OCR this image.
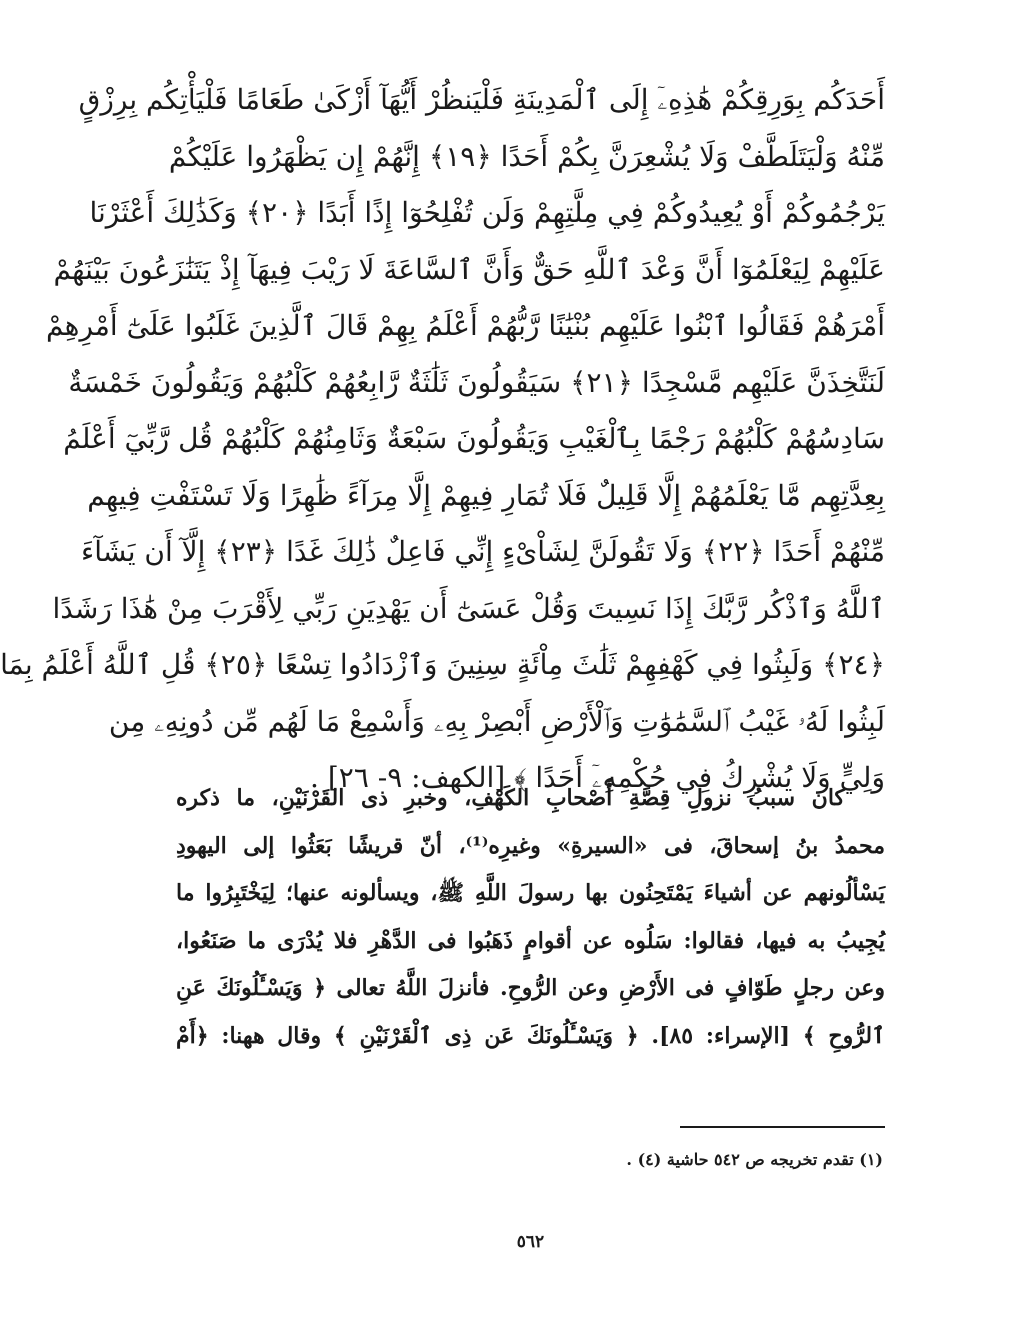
أَحَدَكُم بِوَرِقِكُمْ هَٰذِهِۦٓ إِلَى ٱلْمَدِينَةِ فَلْيَنظُرْ أَيُّهَآ أَزْكَىٰ طَعَامًا فَلْيَأْتِكُم بِرِزْقٍ
مِّنْهُ وَلْيَتَلَطَّفْ وَلَا يُشْعِرَنَّ بِكُمْ أَحَدًا ﴿١٩﴾ إِنَّهُمْ إِن يَظْهَرُوا عَلَيْكُمْ
يَرْجُمُوكُمْ أَوْ يُعِيدُوكُمْ فِي مِلَّتِهِمْ وَلَن تُفْلِحُوٓا إِذًا أَبَدًا ﴿٢٠﴾ وَكَذَٰلِكَ أَعْثَرْنَا
عَلَيْهِمْ لِيَعْلَمُوٓا أَنَّ وَعْدَ ٱللَّهِ حَقٌّ وَأَنَّ ٱلسَّاعَةَ لَا رَيْبَ فِيهَآ إِذْ يَتَنَٰزَعُونَ بَيْنَهُمْ
أَمْرَهُمْ فَقَالُوا ٱبْنُوا عَلَيْهِم بُنْيَٰنًا رَّبُّهُمْ أَعْلَمُ بِهِمْ قَالَ ٱلَّذِينَ غَلَبُوا عَلَىٰٓ أَمْرِهِمْ
لَنَتَّخِذَنَّ عَلَيْهِم مَّسْجِدًا ﴿٢١﴾ سَيَقُولُونَ ثَلَٰثَةٌ رَّابِعُهُمْ كَلْبُهُمْ وَيَقُولُونَ خَمْسَةٌ
سَادِسُهُمْ كَلْبُهُمْ رَجْمًا بِٱلْغَيْبِ وَيَقُولُونَ سَبْعَةٌ وَثَامِنُهُمْ كَلْبُهُمْ قُل رَّبِّيٓ أَعْلَمُ
بِعِدَّتِهِم مَّا يَعْلَمُهُمْ إِلَّا قَلِيلٌ فَلَا تُمَارِ فِيهِمْ إِلَّا مِرَآءً ظَٰهِرًا وَلَا تَسْتَفْتِ فِيهِم
مِّنْهُمْ أَحَدًا ﴿٢٢﴾ وَلَا تَقُولَنَّ لِشَاْىْءٍ إِنِّي فَاعِلٌ ذَٰلِكَ غَدًا ﴿٢٣﴾ إِلَّآ أَن يَشَآءَ
ٱللَّهُ وَٱذْكُر رَّبَّكَ إِذَا نَسِيتَ وَقُلْ عَسَىٰٓ أَن يَهْدِيَنِ رَبِّي لِأَقْرَبَ مِنْ هَٰذَا رَشَدًا
﴿٢٤﴾ وَلَبِثُوا فِي كَهْفِهِمْ ثَلَٰثَ مِاْئَةٍ سِنِينَ وَٱزْدَادُوا تِسْعًا ﴿٢٥﴾ قُلِ ٱللَّهُ أَعْلَمُ بِمَا
لَبِثُوا لَهُۥ غَيْبُ ٱلسَّمَٰوَٰتِ وَٱلْأَرْضِ أَبْصِرْ بِهِۦ وَأَسْمِعْ مَا لَهُم مِّن دُونِهِۦ مِن
وَلِيٍّ وَلَا يُشْرِكُ فِي حُكْمِهِۦٓ أَحَدًا ﴾ [الكهف: ٩- ٢٦] .
كان سببُ نزولِ قِصَّةِ أَصْحابِ الكَهْفِ، وخبرِ ذى القَرْنَيْنِ، ما ذكره
محمدُ بنُ إسحاقَ، فى «السيرةِ» وغيرِه⁽¹⁾، أنّ قريشًا بَعَثُوا إلى اليهودِ
يَسْألُونهم عن أشياءَ يَمْتَحِنُون بها رسولَ اللَّهِ ﷺ، ويسألونه عنها؛ لِيَخْتَبِرُوا ما
يُجِيبُ به فيها، فقالوا: سَلُوه عن أقوامٍ ذَهَبُوا فى الدَّهْرِ فلا يُدْرَى ما صَنَعُوا،
وعن رجلٍ طَوّافٍ فى الأَرْضِ وعن الرُّوحِ. فأنزلَ اللَّهُ تعالى ﴿ وَيَسْـَٔلُونَكَ عَنِ
ٱلرُّوحِ ﴾ [الإسراء: ٨٥]. ﴿ وَيَسْـَٔلُونَكَ عَن ذِى ٱلْقَرْنَيْنِ ﴾ وقال ههنا: ﴿أَمْ
(١) تقدم تخريجه ص ٥٤٢ حاشية (٤) .
٥٦٢
